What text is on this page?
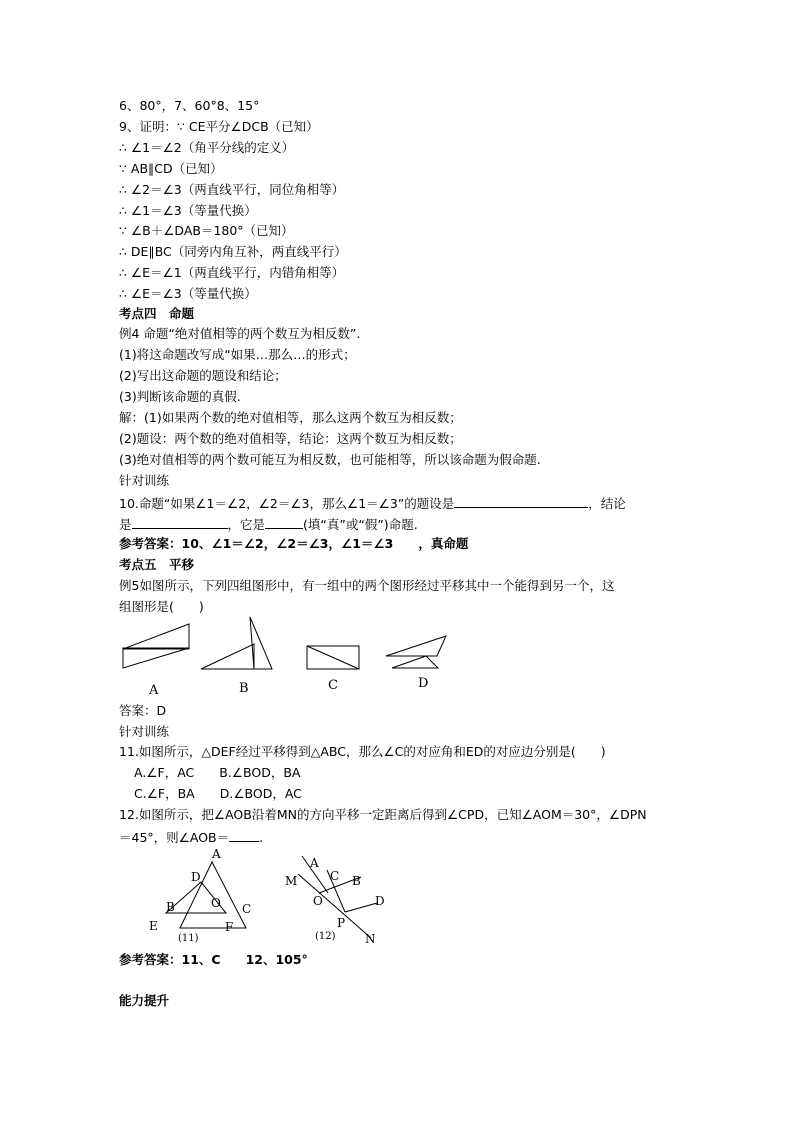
6、80°，7、60°8、15°
9、证明：∵ CE平分∠DCB（已知）
∴ ∠1＝∠2（角平分线的定义）
∵ AB∥CD（已知）
∴ ∠2＝∠3（两直线平行，同位角相等）
∴ ∠1＝∠3（等量代换）
∵ ∠B＋∠DAB＝180°（已知）
∴ DE∥BC（同旁内角互补，两直线平行）
∴ ∠E＝∠1（两直线平行，内错角相等）
∴ ∠E＝∠3（等量代换）
考点四　命题
例4 命题“绝对值相等的两个数互为相反数”.
(1)将这命题改写成“如果…那么…的形式；
(2)写出这命题的题设和结论；
(3)判断该命题的真假.
解：(1)如果两个数的绝对值相等，那么这两个数互为相反数；
(2)题设：两个数的绝对值相等，结论：这两个数互为相反数；
(3)绝对值相等的两个数可能互为相反数，也可能相等，所以该命题为假命题.
针对训练
10.命题“如果∠1＝∠2，∠2＝∠3，那么∠1＝∠3”的题设是	，结论
是	，它是	(填“真”或“假”)命题.
参考答案：10、∠1＝∠2，∠2＝∠3，∠1＝∠3　　，真命题
考点五　平移
例5如图所示，下列四组图形中，有一组中的两个图形经过平移其中一个能得到另一个，这
组图形是(　　)
A	B	C	D
答案：D
针对训练
11.如图所示，△DEF经过平移得到△ABC，那么∠C的对应角和ED的对应边分别是(　　)
A.∠F，AC　　B.∠BOD，BA
C.∠F，BA　　D.∠BOD，AC
12.如图所示，把∠AOB沿着MN的方向平移一定距离后得到∠CPD，已知∠AOM＝30°，∠DPN
＝45°，则∠AOB＝ .
A
D
B	O C
E	F
(11)
A
M	C B
O	D
P
N
(12)
参考答案：11、C　　12、105°
能力提升
